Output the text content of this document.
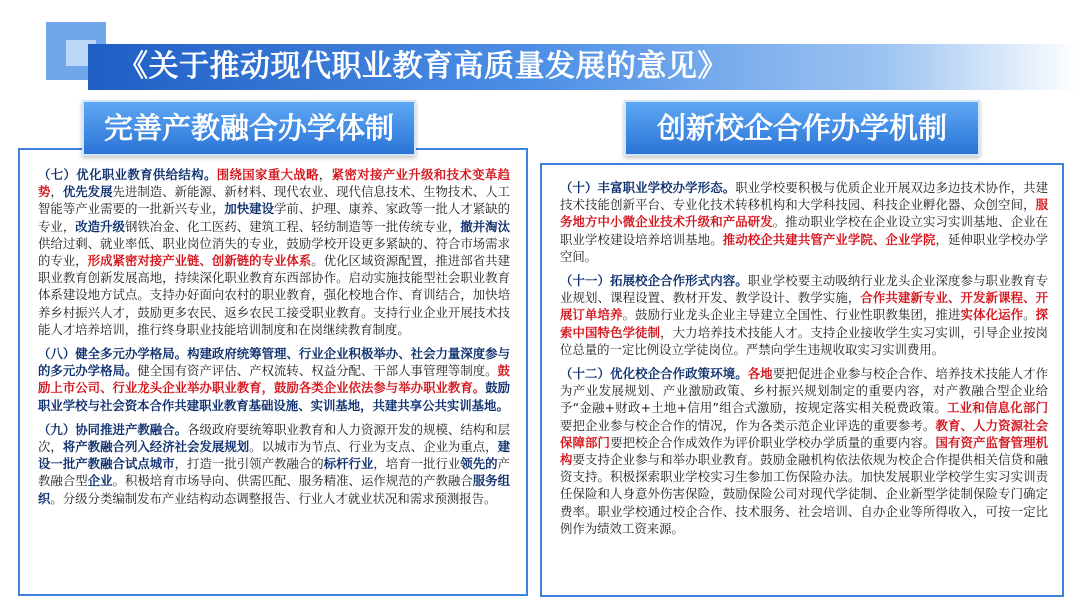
《关于推动现代职业教育高质量发展的意见》

（七）优化职业教育供给结构。围绕国家重大战略，紧密对接产业升级和技术变革趋势，优先发展先进制造、新能源、新材料、现代农业、现代信息技术、生物技术、人工智能等产业需要的一批新兴专业，加快建设学前、护理、康养、家政等一批人才紧缺的专业，改造升级钢铁冶金、化工医药、建筑工程、轻纺制造等一批传统专业，撤并淘汰供给过剩、就业率低、职业岗位消失的专业，鼓励学校开设更多紧缺的、符合市场需求的专业，形成紧密对接产业链、创新链的专业体系。优化区域资源配置，推进部省共建职业教育创新发展高地，持续深化职业教育东西部协作。启动实施技能型社会职业教育体系建设地方试点。支持办好面向农村的职业教育，强化校地合作、育训结合，加快培养乡村振兴人才，鼓励更多农民、返乡农民工接受职业教育。支持行业企业开展技术技能人才培养培训，推行终身职业技能培训制度和在岗继续教育制度。

（八）健全多元办学格局。构建政府统筹管理、行业企业积极举办、社会力量深度参与的多元办学格局。健全国有资产评估、产权流转、权益分配、干部人事管理等制度。鼓励上市公司、行业龙头企业举办职业教育，鼓励各类企业依法参与举办职业教育。鼓励职业学校与社会资本合作共建职业教育基础设施、实训基地，共建共享公共实训基地。

（九）协同推进产教融合。各级政府要统筹职业教育和人力资源开发的规模、结构和层次，将产教融合列入经济社会发展规划。以城市为节点、行业为支点、企业为重点，建设一批产教融合试点城市，打造一批引领产教融合的标杆行业，培育一批行业领先的产教融合型企业。积极培育市场导向、供需匹配、服务精准、运作规范的产教融合服务组织。分级分类编制发布产业结构动态调整报告、行业人才就业状况和需求预测报告。

（十）丰富职业学校办学形态。职业学校要积极与优质企业开展双边多边技术协作，共建技术技能创新平台、专业化技术转移机构和大学科技园、科技企业孵化器、众创空间，服务地方中小微企业技术升级和产品研发。推动职业学校在企业设立实习实训基地、企业在职业学校建设培养培训基地。推动校企共建共管产业学院、企业学院，延伸职业学校办学空间。

（十一）拓展校企合作形式内容。职业学校要主动吸纳行业龙头企业深度参与职业教育专业规划、课程设置、教材开发、教学设计、教学实施，合作共建新专业、开发新课程、开展订单培养。鼓励行业龙头企业主导建立全国性、行业性职教集团，推进实体化运作。探索中国特色学徒制，大力培养技术技能人才。支持企业接收学生实习实训，引导企业按岗位总量的一定比例设立学徒岗位。严禁向学生违规收取实习实训费用。

（十二）优化校企合作政策环境。各地要把促进企业参与校企合作、培养技术技能人才作为产业发展规划、产业激励政策、乡村振兴规划制定的重要内容，对产教融合型企业给予“金融+财政+土地+信用”组合式激励，按规定落实相关税费政策。工业和信息化部门要把企业参与校企合作的情况，作为各类示范企业评选的重要参考。教育、人力资源社会保障部门要把校企合作成效作为评价职业学校办学质量的重要内容。国有资产监督管理机构要支持企业参与和举办职业教育。鼓励金融机构依法依规为校企合作提供相关信贷和融资支持。积极探索职业学校实习生参加工伤保险办法。加快发展职业学校学生实习实训责任保险和人身意外伤害保险，鼓励保险公司对现代学徒制、企业新型学徒制保险专门确定费率。职业学校通过校企合作、技术服务、社会培训、自办企业等所得收入，可按一定比例作为绩效工资来源。

完善产教融合办学体制	创新校企合作办学机制
